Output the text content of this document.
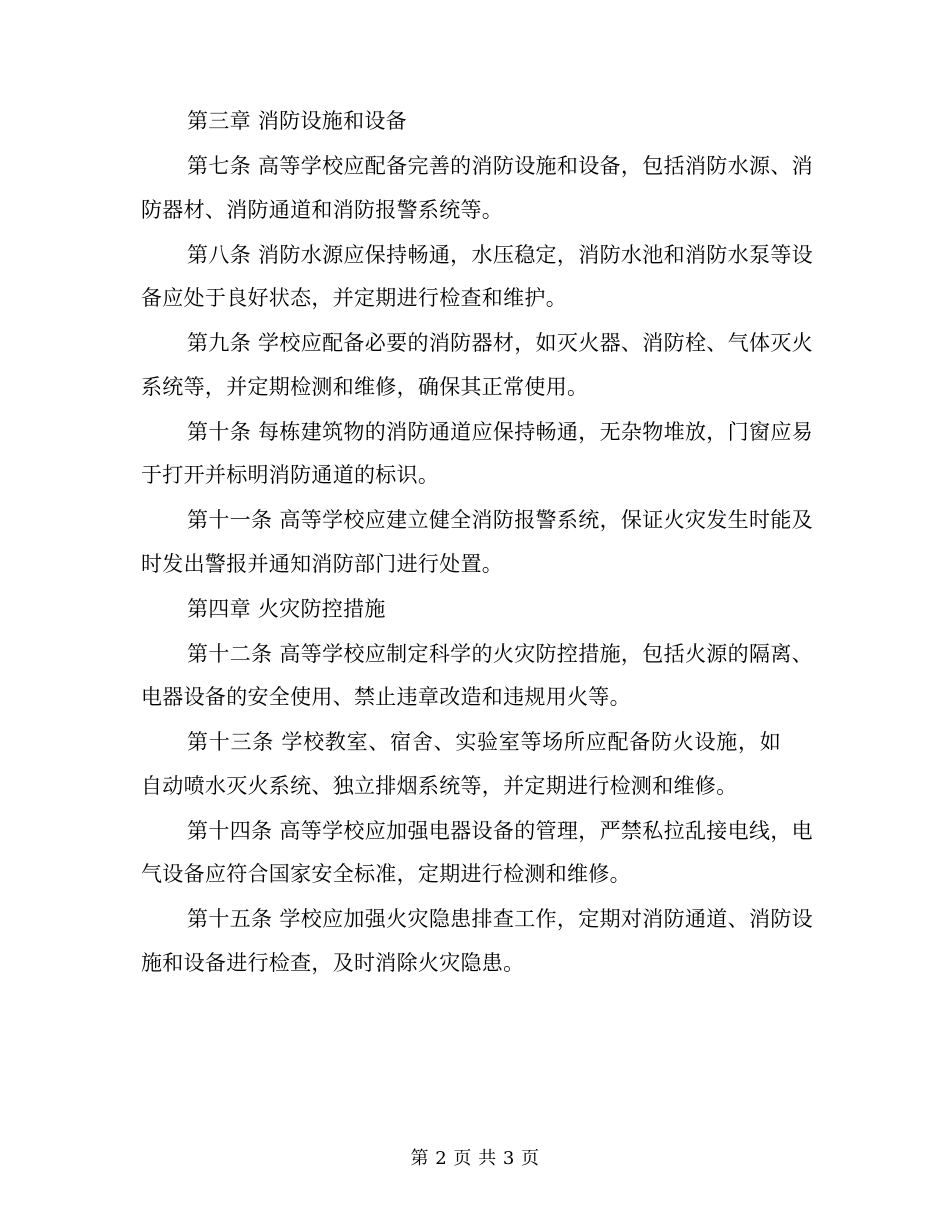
第三章 消防设施和设备

第七条 高等学校应配备完善的消防设施和设备，包括消防水源、消防器材、消防通道和消防报警系统等。

第八条 消防水源应保持畅通，水压稳定，消防水池和消防水泵等设备应处于良好状态，并定期进行检查和维护。

第九条 学校应配备必要的消防器材，如灭火器、消防栓、气体灭火系统等，并定期检测和维修，确保其正常使用。

第十条 每栋建筑物的消防通道应保持畅通，无杂物堆放，门窗应易于打开并标明消防通道的标识。

第十一条 高等学校应建立健全消防报警系统，保证火灾发生时能及时发出警报并通知消防部门进行处置。

第四章 火灾防控措施

第十二条 高等学校应制定科学的火灾防控措施，包括火源的隔离、电器设备的安全使用、禁止违章改造和违规用火等。

第十三条 学校教室、宿舍、实验室等场所应配备防火设施，如自动喷水灭火系统、独立排烟系统等，并定期进行检测和维修。

第十四条 高等学校应加强电器设备的管理，严禁私拉乱接电线，电气设备应符合国家安全标准，定期进行检测和维修。

第十五条 学校应加强火灾隐患排查工作，定期对消防通道、消防设施和设备进行检查，及时消除火灾隐患。

第 2 页 共 3 页
